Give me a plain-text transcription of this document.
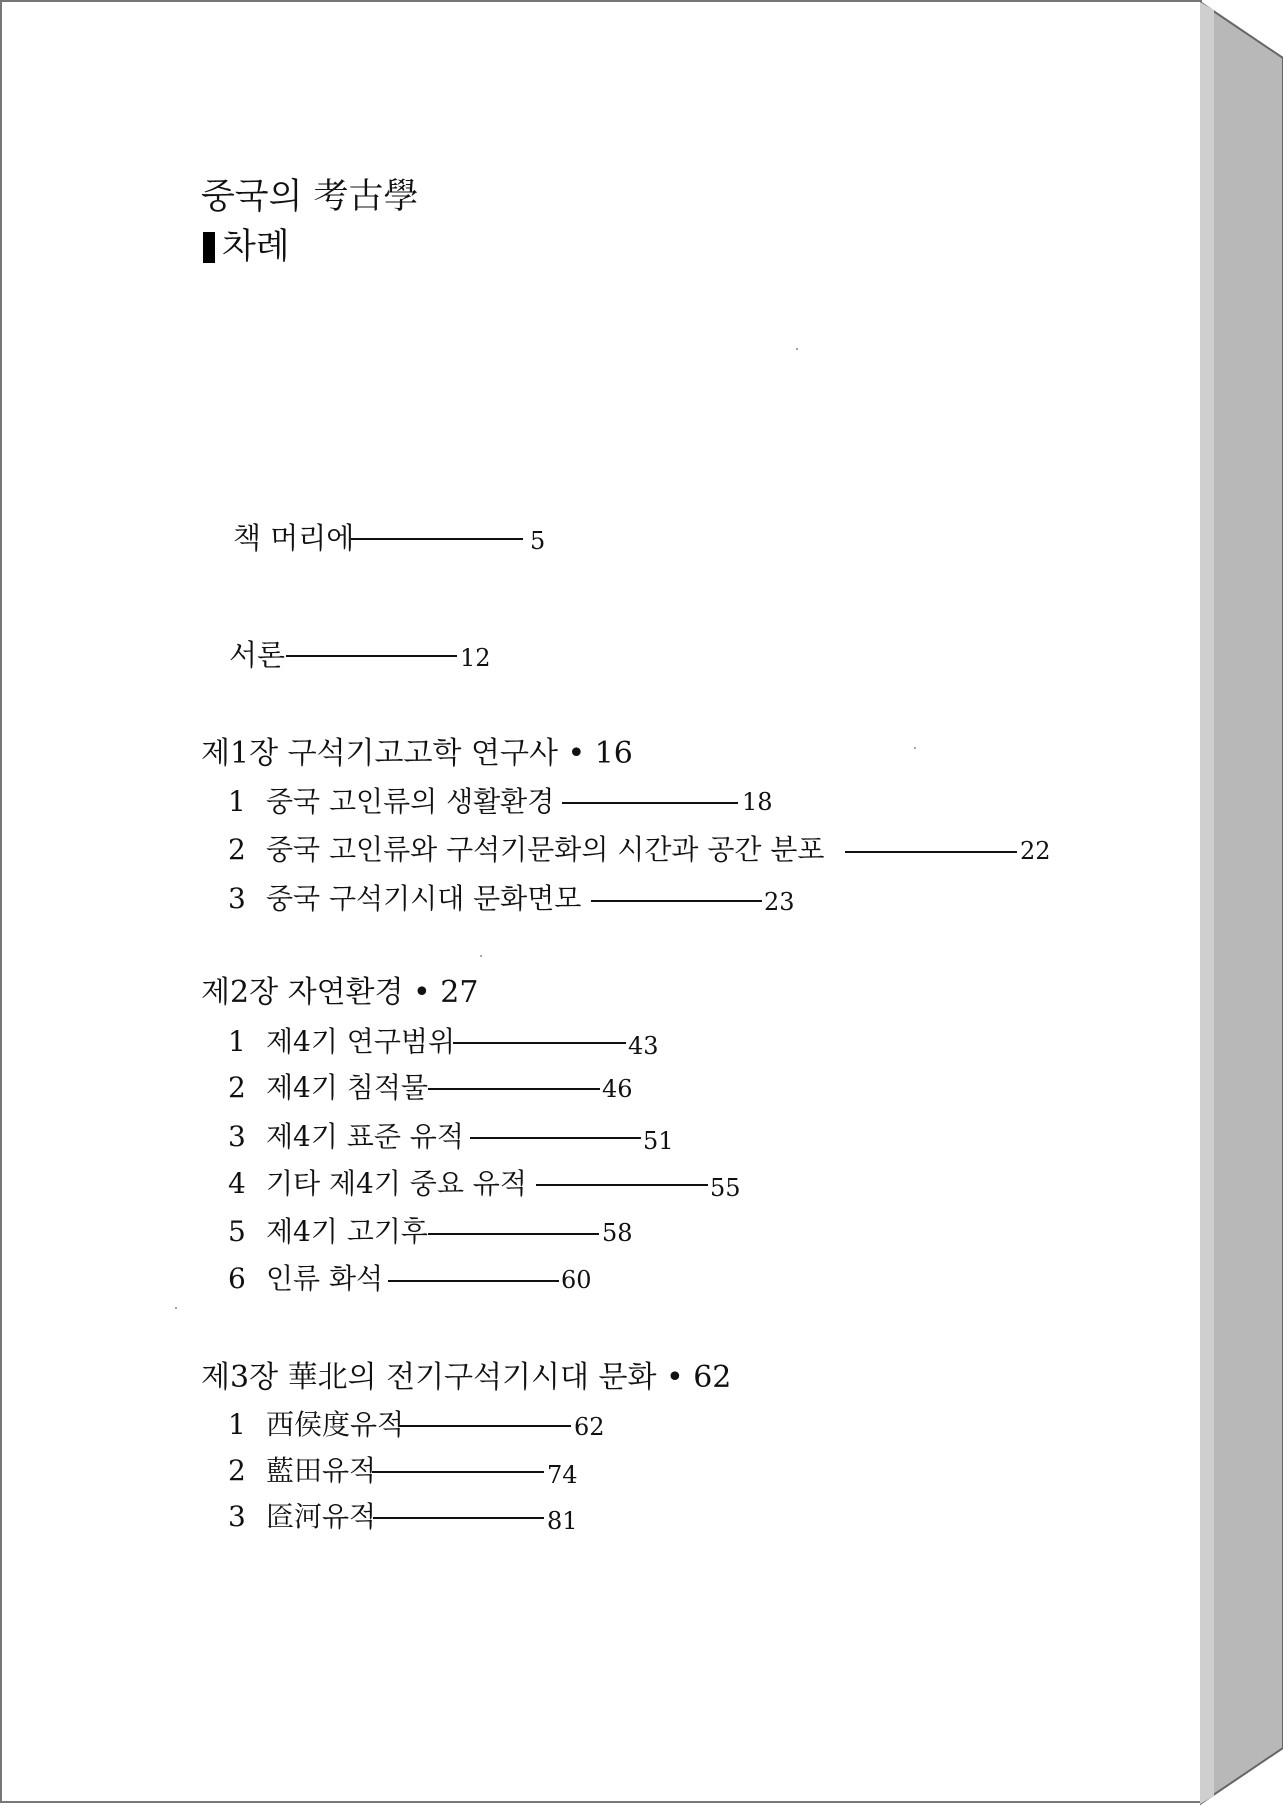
중국의 考古學
차례
책 머리에	5
서론	12
제1장 구석기고고학 연구사 • 16
1 중국 고인류의 생활환경	18
2 중국 고인류와 구석기문화의 시간과 공간 분포	22
3 중국 구석기시대 문화면모	23
제2장 자연환경 • 27
1 제4기 연구범위	43
2 제4기 침적물	46
3 제4기 표준 유적	51
4 기타 제4기 중요 유적	55
5 제4기 고기후	58
6 인류 화석	60
제3장 華北의 전기구석기시대 문화 • 62
1 西侯度유적	62
2 藍田유적	74
3 匼河유적	81
